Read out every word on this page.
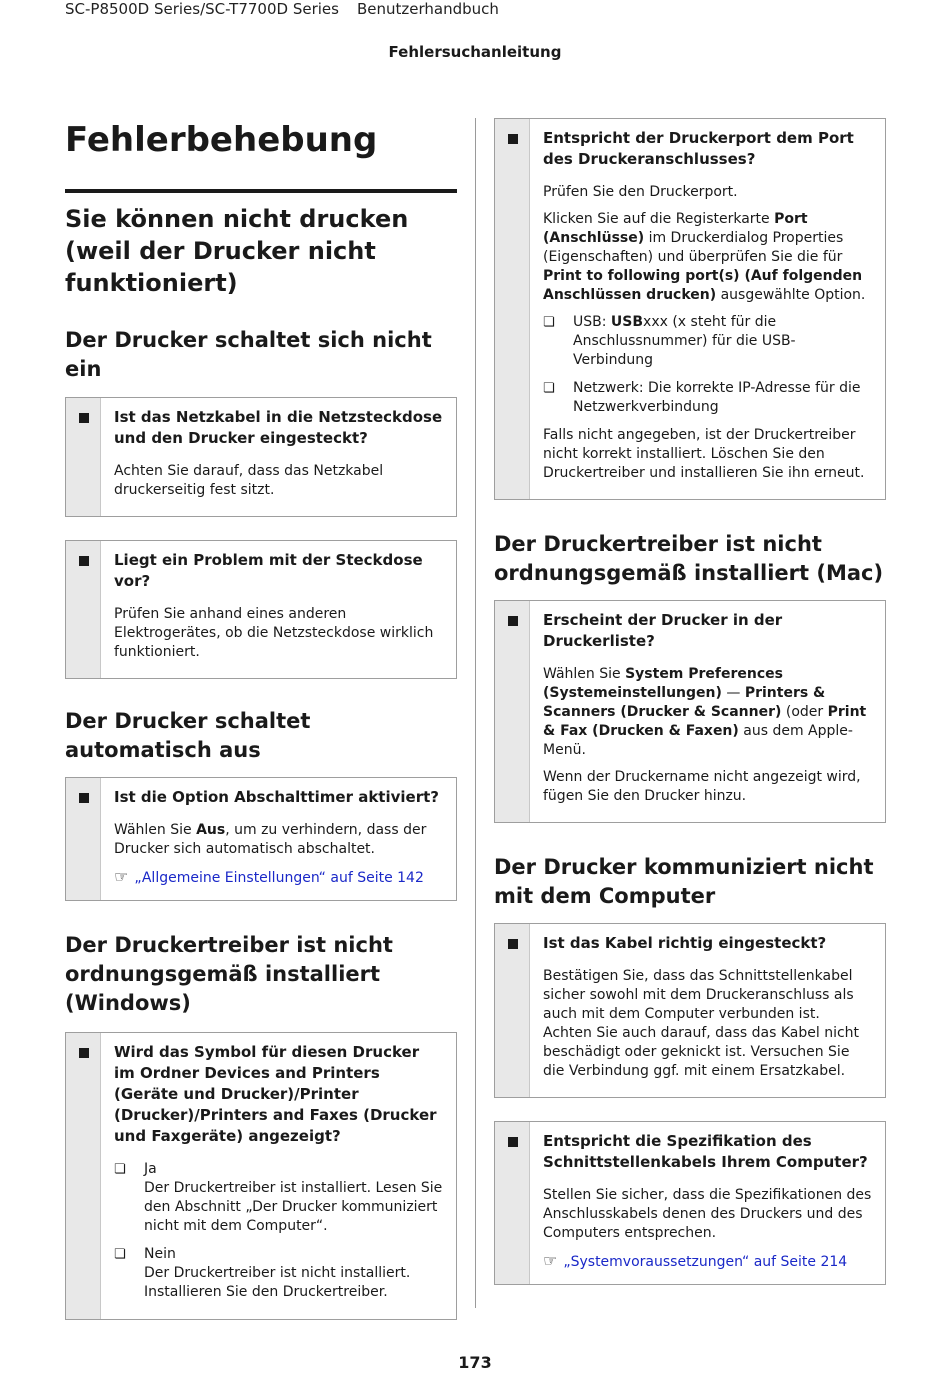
SC-P8500D Series/SC-T7700D Series Benutzerhandbuch
Fehlersuchanleitung
Fehlerbehebung
Sie können nicht drucken (weil der Drucker nicht funktioniert)
Der Drucker schaltet sich nicht ein
Ist das Netzkabel in die Netzsteckdose und den Drucker eingesteckt?
Achten Sie darauf, dass das Netzkabel druckerseitig fest sitzt.
Liegt ein Problem mit der Steckdose vor?
Prüfen Sie anhand eines anderen Elektrogerätes, ob die Netzsteckdose wirklich funktioniert.
Der Drucker schaltet automatisch aus
Ist die Option Abschalttimer aktiviert?
Wählen Sie Aus, um zu verhindern, dass der Drucker sich automatisch abschaltet.
☞ „Allgemeine Einstellungen“ auf Seite 142
Der Druckertreiber ist nicht ordnungsgemäß installiert (Windows)
Wird das Symbol für diesen Drucker im Ordner Devices and Printers (Geräte und Drucker)/Printer (Drucker)/Printers and Faxes (Drucker und Faxgeräte) angezeigt?
❏	Ja
Der Druckertreiber ist installiert. Lesen Sie den Abschnitt „Der Drucker kommuniziert nicht mit dem Computer“.
❏	Nein
Der Druckertreiber ist nicht installiert. Installieren Sie den Druckertreiber.
Entspricht der Druckerport dem Port des Druckeranschlusses?
Prüfen Sie den Druckerport.
Klicken Sie auf die Registerkarte Port (Anschlüsse) im Druckerdialog Properties (Eigenschaften) und überprüfen Sie die für Print to following port(s) (Auf folgenden Anschlüssen drucken) ausgewählte Option.
❏	USB: USBxxx (x steht für die Anschlussnummer) für die USB-Verbindung
❏	Netzwerk: Die korrekte IP-Adresse für die Netzwerkverbindung
Falls nicht angegeben, ist der Druckertreiber nicht korrekt installiert. Löschen Sie den Druckertreiber und installieren Sie ihn erneut.
Der Druckertreiber ist nicht ordnungsgemäß installiert (Mac)
Erscheint der Drucker in der Druckerliste?
Wählen Sie System Preferences (Systemeinstellungen) — Printers & Scanners (Drucker & Scanner) (oder Print & Fax (Drucken & Faxen) aus dem Apple-Menü.
Wenn der Druckername nicht angezeigt wird, fügen Sie den Drucker hinzu.
Der Drucker kommuniziert nicht mit dem Computer
Ist das Kabel richtig eingesteckt?
Bestätigen Sie, dass das Schnittstellenkabel sicher sowohl mit dem Druckeranschluss als auch mit dem Computer verbunden ist. Achten Sie auch darauf, dass das Kabel nicht beschädigt oder geknickt ist. Versuchen Sie die Verbindung ggf. mit einem Ersatzkabel.
Entspricht die Spezifikation des Schnittstellenkabels Ihrem Computer?
Stellen Sie sicher, dass die Spezifikationen des Anschlusskabels denen des Druckers und des Computers entsprechen.
☞ „Systemvoraussetzungen“ auf Seite 214
173
